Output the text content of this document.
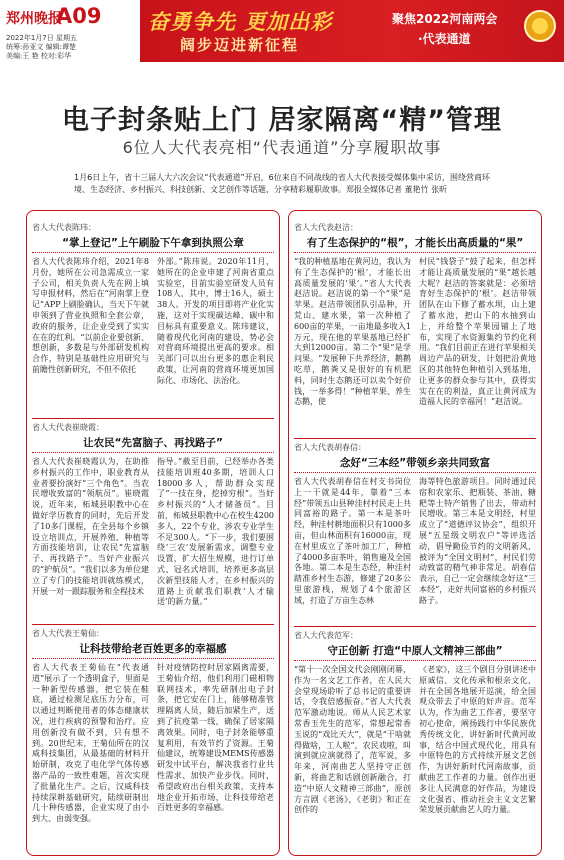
郑州晚报
A09
2022年1月7日 星期五
统筹:孙亚文 编辑:谭楚
美编:王 艳 校对:彩华
奋勇争先 更加出彩
阔步迈进新征程
聚焦2022河南两会
·代表通道
电子封条贴上门 居家隔离“精”管理
6位人大代表亮相“代表通道”分享履职故事
1月6日上午，省十三届人大六次会议“代表通道”开启，6位来自不同战线的省人大代表接受媒体集中采访，围绕营商环境、生态经济、乡村振兴、科技创新、文艺创作等话题，分享精彩履职故事。郑报全媒体记者 董艳竹 张昕
省人大代表陈玮：
“掌上登记”上午刷脸下午拿到执照公章
省人大代表陈玮介绍，2021年8月份，她所在公司急需成立一家子公司，相关负责人先在网上填写申报材料，然后在“河南掌上登记”APP上刷脸确认，当天下午就申领到了营业执照和全套公章，政府的服务，让企业受到了实实在在的红利。“以前企业要创新、想创新，多数是与外部研发机构合作，特别是基础性应用研究与前瞻性创新研究，不但不依托
外部。”陈玮说。2020年11月，她所在的企业申建了河南省重点实验室，目前实验室研发人员有108人，其中，博士16人，硕士38人。开发的项目即将产业化实施，这对于实现碳达峰、碳中和目标具有重要意义。陈玮建议，随着现代化河南的建设，势必会对营商环境提出更高的要求。相关部门可以出台更多的惠企利民政策，让河南的营商环境更加国际化、市场化、法治化。
省人大代表崔晓霞：
让农民“先富脑子、再找路子”
省人大代表崔晓霞认为，在助推乡村振兴的工作中，职业教育从业者要扮演好“三个角色”。当农民增收致富的“领航员”。崔晓霞说，近年来，柘城县职教中心在做好学历教育的同时，先后开发了10多门课程，在全县每个乡镇设立培训点，开展养殖、种植等方面技能培训，让农民“先富脑子、再找路子”。当好产业振兴的“护航员”。“我们以多为单位建立了专门的技能培训就练模式，开展一对一跟踪服务和全程技术
指导。”截至目前，已经举办各类技能培训班40多期，培训人口18000多人，帮助群众实现了“一技在身，挖掉穷根”。当好乡村振兴的“人才储备员”。目前，柘城县职教中心在校生4200多人，22个专业，涉农专业学生不足300人。“下一步，我们要围绕‘三农’发展新需求，调整专业设置，扩大招生规模，进行订单式、冠名式培训，培养更多高层次新型技能人才，在乡村振兴的道路上贡献我们职教‘人才输送’的新力量。”
省人大代表王菊仙：
让科技带给老百姓更多的幸福感
省人大代表王菊仙在“代表通道”展示了一个透明盒子，里面是一种新型传感器，把它装在鞋底，通过检测足底压力分布，可以通过判断使用者的体态健康状况，进行疾病的预警和治疗。应用创新没有做不到，只有想不到。20世纪末，王菊仙所在的汉威科技集团，从最基础的材料开始研制，攻克了电化学气体传感器产品的一致性难题，首次实现了批量化生产。之后，汉威科技持续深耕基础研究，陆续研制出几十种传感器，企业实现了由小到大、由弱变强。
针对疫情防控时居家隔离需要，王菊仙介绍，他们利用门磁相物联网技术，率先研制出电子封条，把它安在门上，能够精准管理隔离人员，随后加紧生产，送到了抗疫第一线，确保了居家隔离效果。同时，电子封条能够重复利用，有效节约了资源。王菊仙建议，统筹建设MEMS传感器研发中试平台，解决我省行业共性需求、加快产业步伐。同时，希望政府出台相关政策，支持本地企业开拓市场，让科技带给老百姓更多的幸福感。
省人大代表赵洁：
有了生态保护的“根”，才能长出高质量的“果”
“我的种植基地在黄河边，我认为有了生态保护的‘根’，才能长出高质量发展的‘果’。”省人大代表赵洁说。赵洁说的第一个“果”是苹果。赵洁带领团队引品种，开荒山、建水果，第一次种植了600亩的苹果，一亩地最多收入1万元，现在他的苹果基地已经扩大到12000亩。第二个“果”是学问果。“发展种下共养经济，鹅鹅吃草，鹅粪又是很好的有机肥料，同时生态鹅还可以卖个好价钱，一举多得！”种植苹果、养生态鹅，使
村民“钱袋子”鼓了起来，但怎样才能让高质量发展的“果”越长越大呢？赵洁的答案就是：必须培育好生态保护的‘根’。赵洁带领团队在山下修了蓄水坝，山上建了蓄水池，把山下的水抽到山上，并给整个苹果园铺上了地布，实现了水资源集约节约化利用。“我们目前正在进行苹果相关周边产品的研发，计划把沿黄地区的其他特色种植引入到基地，让更多的群众参与其中，获得实实在在的利益，真正让黄河成为造福人民的幸福河！”赵洁说。
省人大代表胡春信：
念好“三本经”带领乡亲共同致富
省人大代表胡春信在村支书岗位上一干就是44年，靠着“三本经”带领五山县种洼村村民走上共同富裕的路子。第一本是茶叶经，种洼村耕地面积只有1000多亩，但山林面积有16000亩，现在村里成立了茶叶加工厂，种植了4000多亩茶叶，销售遍及全国各地。第二本是生态经，种洼村踏准乡村生态游，修建了20多公里旅游栈，规划了4个旅游区域，打造了万亩生态林
海等特色旅游项目。同时通过民宿和农家乐、把瓶装、茶油、糖粑等土特产销售了出去，带动村民增收。第三本是文明经，村里成立了“道德评议协会”，组织开展“五星级文明农户”等评选活动，倡导勤俭节约的文明新风，被评为“全国文明村”，村民们劳动致富的精气神非常足。胡春信表示，自己一定会继续念好这“三本经”，走好共同富裕的乡村振兴路子。
省人大代表范军：
守正创新 打造“中原人文精神三部曲”
“第十一次全国文代会刚刚闭幕，作为一名文艺工作者，在人民大会堂现场聆听了总书记的重要讲话，令我倍感振奋。”省人大代表范军激动地说。师从人民艺术家常香玉先生的范军，常想起常香玉说的“戏比天大”，就是“干啥就得做啥，工人啦”，农民戏啦，叫演到就应演就得了，范军说，多年来，河南曲艺人坚持守正创新，将曲艺和话剧创新融合，打造“中原人文精神三部曲”，原创方言剧《老汤》，《老街》和正在创作的
《老家》，这三个剧目分别讲述中原诚信、文化传承和根亲文化，并在全国各地展开巡演，给全国观众带去了中原的好声音。范军认为，作为曲艺工作者，要坚守初心使命，阐扬践行中华民族优秀传统文化，讲好新时代黄河故事，结合中国式现代化，用具有中原特色的方式持续开展文艺创作，为讲好新时代河南故事，贡献曲艺工作者的力量。创作出更多让人民满意的好作品，为建设文化强省、推动社会主义文艺繁荣发展贡献曲艺人的力量。
